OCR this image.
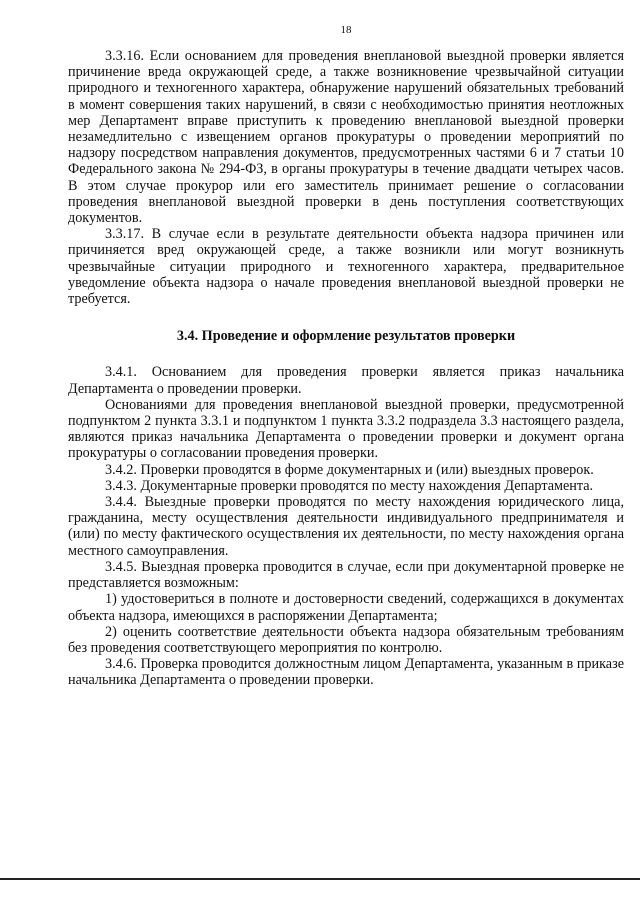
18

3.3.16. Если основанием для проведения внеплановой выездной проверки является причинение вреда окружающей среде, а также возникновение чрезвычайной ситуации природного и техногенного характера, обнаружение нарушений обязательных требований в момент совершения таких нарушений, в связи с необходимостью принятия неотложных мер Департамент вправе приступить к проведению внеплановой выездной проверки незамедлительно с извещением органов прокуратуры о проведении мероприятий по надзору посредством направления документов, предусмотренных частями 6 и 7 статьи 10 Федерального закона № 294-ФЗ, в органы прокуратуры в течение двадцати четырех часов. В этом случае прокурор или его заместитель принимает решение о согласовании проведения внеплановой выездной проверки в день поступления соответствующих документов.

3.3.17. В случае если в результате деятельности объекта надзора причинен или причиняется вред окружающей среде, а также возникли или могут возникнуть чрезвычайные ситуации природного и техногенного характера, предварительное уведомление объекта надзора о начале проведения внеплановой выездной проверки не требуется.

3.4. Проведение и оформление результатов проверки

3.4.1. Основанием для проведения проверки является приказ начальника Департамента о проведении проверки.

Основаниями для проведения внеплановой выездной проверки, предусмотренной подпунктом 2 пункта 3.3.1 и подпунктом 1 пункта 3.3.2 подраздела 3.3 настоящего раздела, являются приказ начальника Департамента о проведении проверки и документ органа прокуратуры о согласовании проведения проверки.

3.4.2. Проверки проводятся в форме документарных и (или) выездных проверок.

3.4.3. Документарные проверки проводятся по месту нахождения Департамента.

3.4.4. Выездные проверки проводятся по месту нахождения юридического лица, гражданина, месту осуществления деятельности индивидуального предпринимателя и (или) по месту фактического осуществления их деятельности, по месту нахождения органа местного самоуправления.

3.4.5. Выездная проверка проводится в случае, если при документарной проверке не представляется возможным:

1) удостовериться в полноте и достоверности сведений, содержащихся в документах объекта надзора, имеющихся в распоряжении Департамента;

2) оценить соответствие деятельности объекта надзора обязательным требованиям без проведения соответствующего мероприятия по контролю.

3.4.6. Проверка проводится должностным лицом Департамента, указанным в приказе начальника Департамента о проведении проверки.
